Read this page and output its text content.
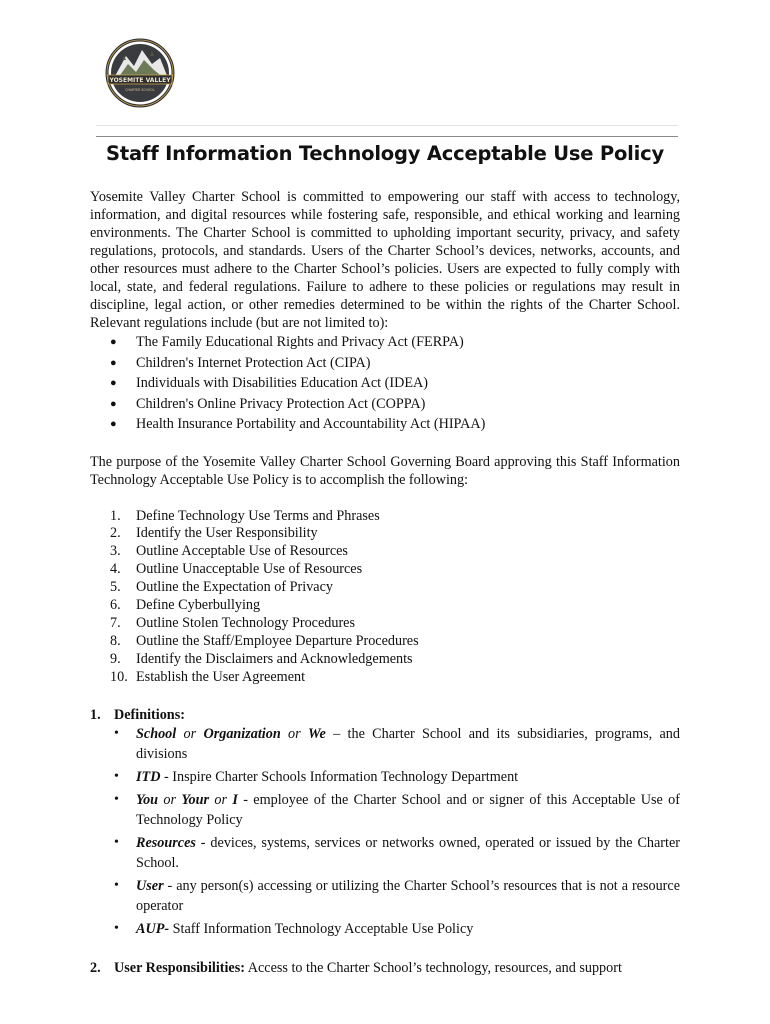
YOSEMITE VALLEY
CHARTER SCHOOL
Staff Information Technology Acceptable Use Policy

Yosemite Valley Charter School is committed to empowering our staff with access to technology, information, and digital resources while fostering safe, responsible, and ethical working and learning environments. The Charter School is committed to upholding important security, privacy, and safety regulations, protocols, and standards. Users of the Charter School’s devices, networks, accounts, and other resources must adhere to the Charter School’s policies. Users are expected to fully comply with local, state, and federal regulations. Failure to adhere to these policies or regulations may result in discipline, legal action, or other remedies determined to be within the rights of the Charter School. Relevant regulations include (but are not limited to):

● The Family Educational Rights and Privacy Act (FERPA)
● Children's Internet Protection Act (CIPA)
● Individuals with Disabilities Education Act (IDEA)
● Children's Online Privacy Protection Act (COPPA)
● Health Insurance Portability and Accountability Act (HIPAA)

The purpose of the Yosemite Valley Charter School Governing Board approving this Staff Information Technology Acceptable Use Policy is to accomplish the following:

1. Define Technology Use Terms and Phrases
2. Identify the User Responsibility
3. Outline Acceptable Use of Resources
4. Outline Unacceptable Use of Resources
5. Outline the Expectation of Privacy
6. Define Cyberbullying
7. Outline Stolen Technology Procedures
8. Outline the Staff/Employee Departure Procedures
9. Identify the Disclaimers and Acknowledgements
10. Establish the User Agreement
1. Definitions:
• School or Organization or We – the Charter School and its subsidiaries, programs, and divisions
• ITD - Inspire Charter Schools Information Technology Department
• You or Your or I - employee of the Charter School and or signer of this Acceptable Use of Technology Policy
• Resources - devices, systems, services or networks owned, operated or issued by the Charter School.
• User - any person(s) accessing or utilizing the Charter School’s resources that is not a resource operator
• AUP- Staff Information Technology Acceptable Use Policy
2. User Responsibilities: Access to the Charter School’s technology, resources, and support
